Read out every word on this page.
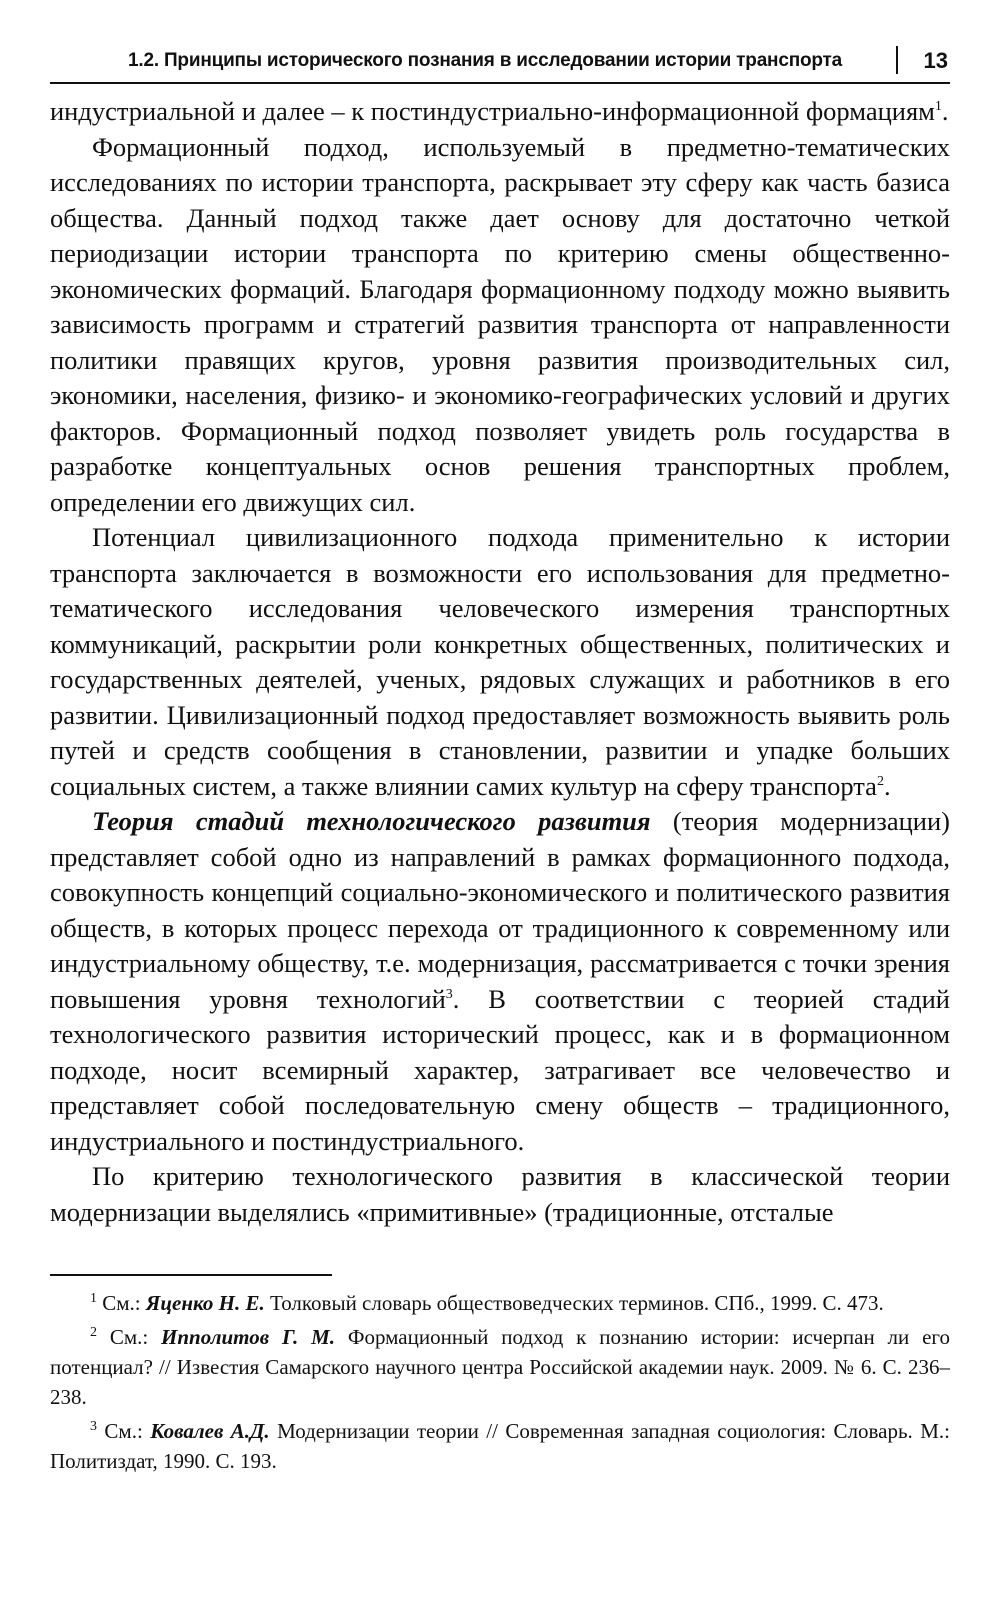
1.2. Принципы исторического познания в исследовании истории транспорта	13

индустриальной и далее – к постиндустриально-информационной формациям$^1$.

Формационный подход, используемый в предметно-тематических исследованиях по истории транспорта, раскрывает эту сферу как часть базиса общества. Данный подход также дает основу для достаточно четкой периодизации истории транспорта по критерию смены общественно-экономических формаций. Благодаря формационному подходу можно выявить зависимость программ и стратегий развития транспорта от направленности политики правящих кругов, уровня развития производительных сил, экономики, населения, физико- и экономико-географических условий и других факторов. Формационный подход позволяет увидеть роль государства в разработке концептуальных основ решения транспортных проблем, определении его движущих сил.

Потенциал цивилизационного подхода применительно к истории транспорта заключается в возможности его использования для предметно-тематического исследования человеческого измерения транспортных коммуникаций, раскрытии роли конкретных общественных, политических и государственных деятелей, ученых, рядовых служащих и работников в его развитии. Цивилизационный подход предоставляет возможность выявить роль путей и средств сообщения в становлении, развитии и упадке больших социальных систем, а также влиянии самих культур на сферу транспорта$^2$.

Теория стадий технологического развития (теория модернизации) представляет собой одно из направлений в рамках формационного подхода, совокупность концепций социально-экономического и политического развития обществ, в которых процесс перехода от традиционного к современному или индустриальному обществу, т.е. модернизация, рассматривается с точки зрения повышения уровня технологий$^3$. В соответствии с теорией стадий технологического развития исторический процесс, как и в формационном подходе, носит всемирный характер, затрагивает все человечество и представляет собой последовательную смену обществ – традиционного, индустриального и постиндустриального.

По критерию технологического развития в классической теории модернизации выделялись «примитивные» (традиционные, отсталые

$^1$ См.: Яценко Н. Е. Толковый словарь обществоведческих терминов. СПб., 1999. С. 473.

$^2$ См.: Ипполитов Г. М. Формационный подход к познанию истории: исчерпан ли его потенциал? // Известия Самарского научного центра Российской академии наук. 2009. № 6. С. 236–238.

$^3$ См.: Ковалев А.Д. Модернизации теории // Современная западная социология: Словарь. М.: Политиздат, 1990. С. 193.
